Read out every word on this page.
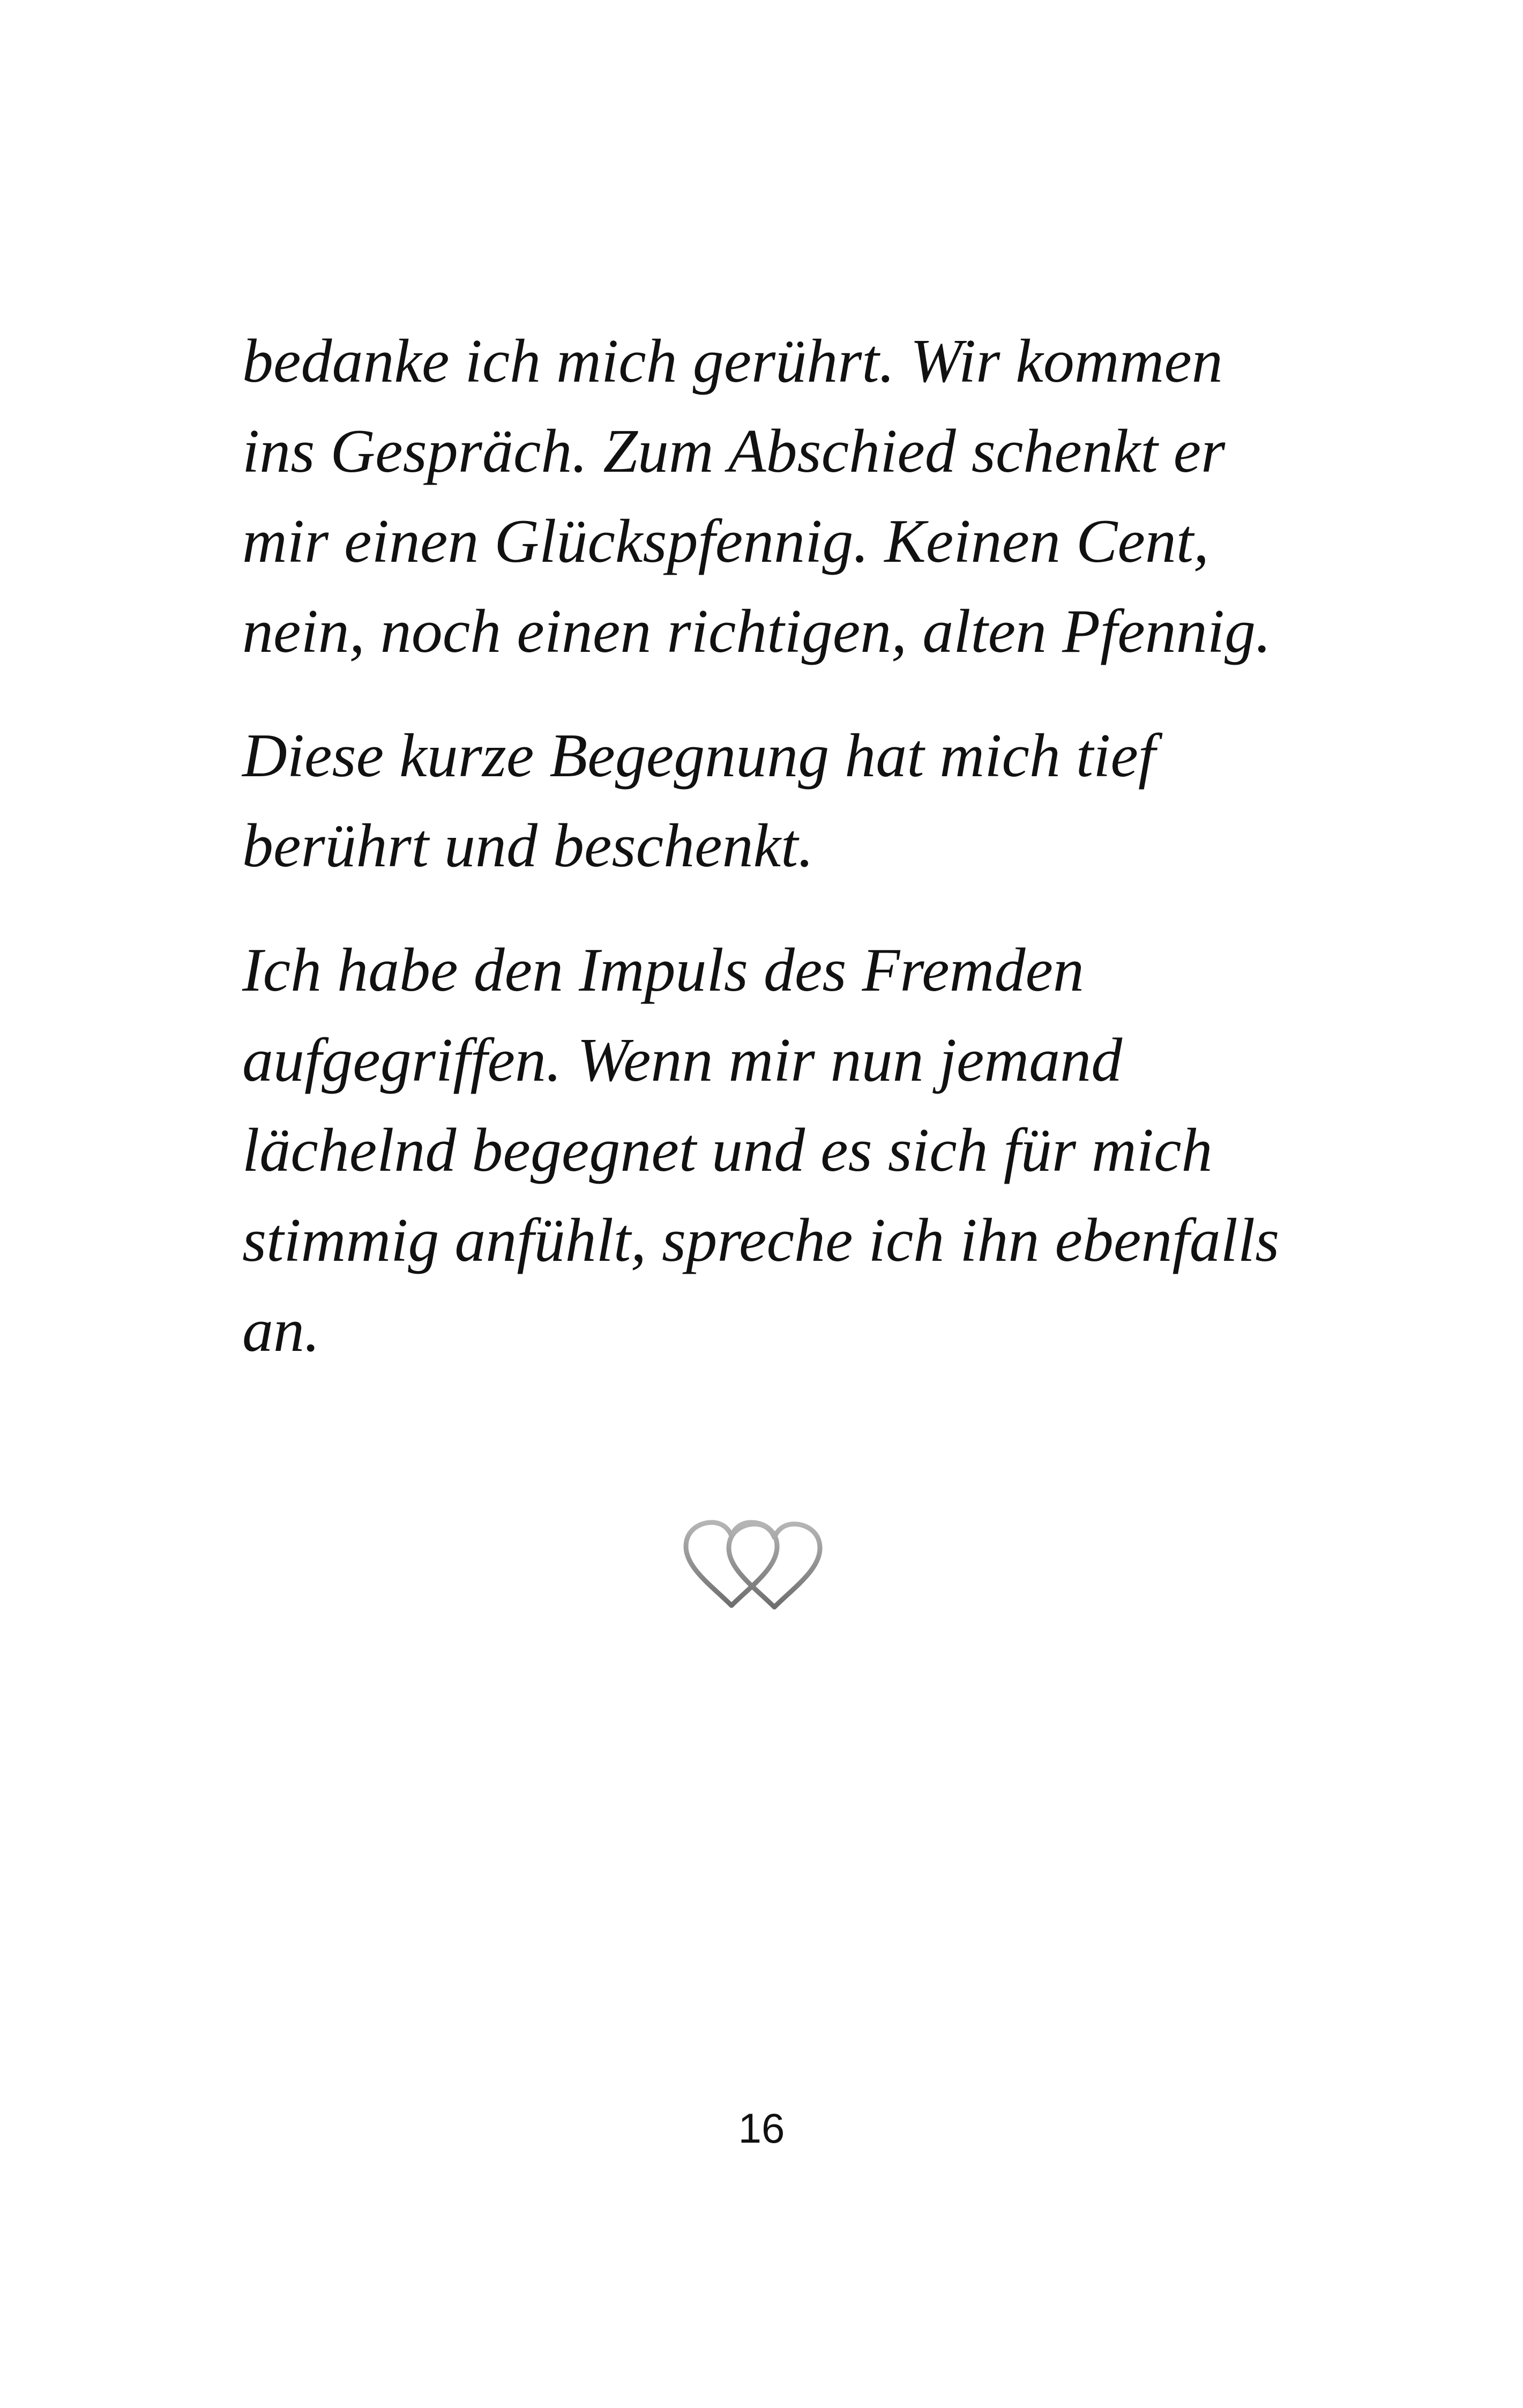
bedanke ich mich gerührt. Wir kommen
ins Gespräch. Zum Abschied schenkt er
mir einen Glückspfennig. Keinen Cent,
nein, noch einen richtigen, alten Pfennig.

Diese kurze Begegnung hat mich tief
berührt und beschenkt.

Ich habe den Impuls des Fremden
aufgegriffen. Wenn mir nun jemand
lächelnd begegnet und es sich für mich
stimmig anfühlt, spreche ich ihn ebenfalls
an.

16
